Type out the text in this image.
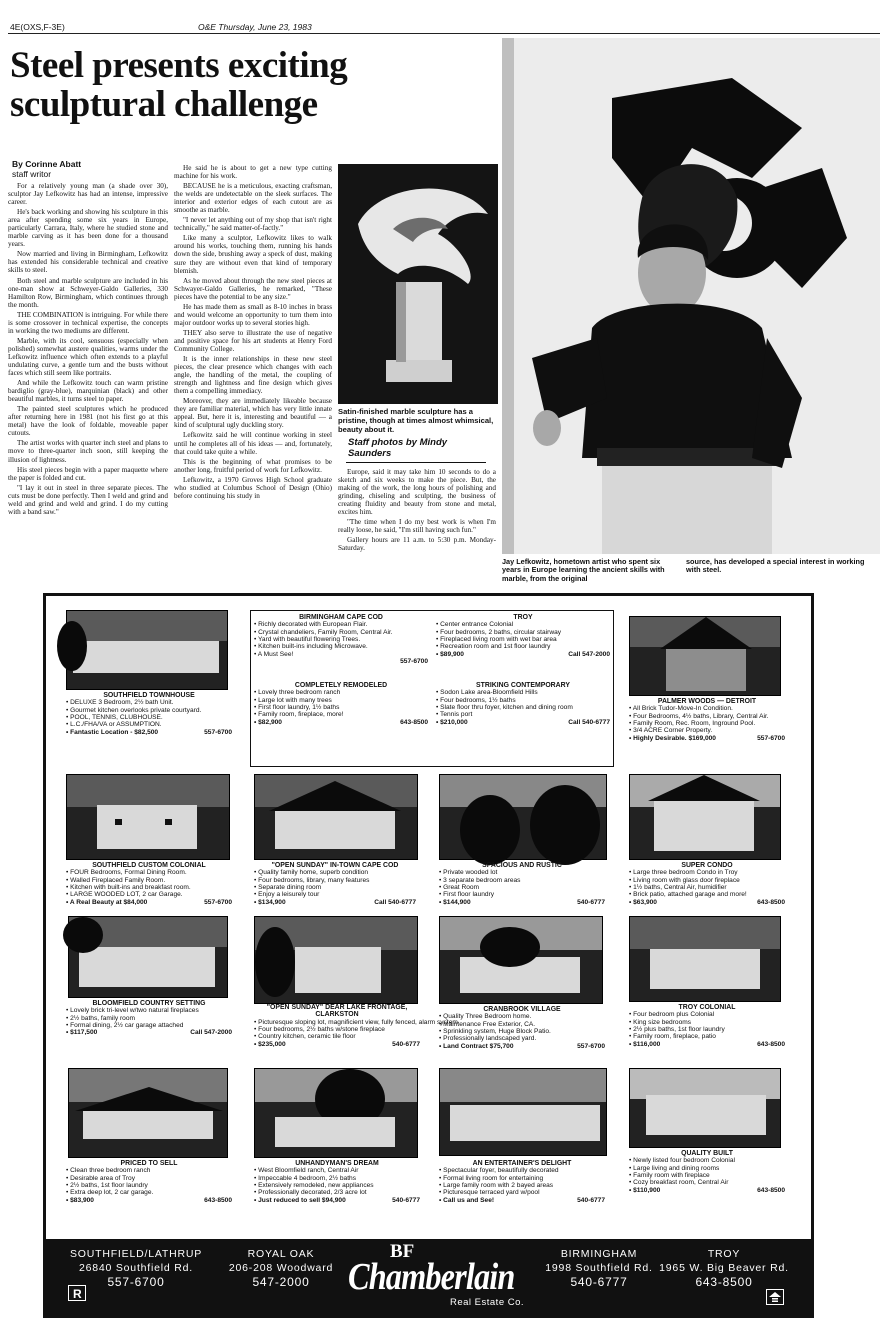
4E(OXS,F-3E)	O&E Thursday, June 23, 1983
Steel presents exciting sculptural challenge
By Corinne Abatt
staff writor

For a relatively young man (a shade over 30), sculptor Jay Lefkowitz has had an intense, impressive career.

He's back working and showing his sculpture in this area after spending some six years in Europe, particularly Carrara, Italy, where he studied stone and marble carving as it has been done for a thousand years.

Now married and living in Birmingham, Lefkowitz has extended his considerable technical and creative skills to steel.

Both steel and marble sculpture are included in his one-man show at Schweyer-Galdo Galleries, 330 Hamilton Row, Birmingham, which continues through the month.

THE COMBINATION is intriguing. For while there is some crossover in technical expertise, the concepts in working the two mediums are different.

Marble, with its cool, sensuous (especially when polished) somewhat austere qualities, warms under the Lefkowitz influence which often extends to a playful undulating curve, a gentle turn and the busts without faces which still seem like portraits.

And while the Lefkowitz touch can warm pristine bardiglio (gray-blue), marquinian (black) and other beautiful marbles, it turns steel to paper.

The painted steel sculptures which he produced after returning here in 1981 (not his first go at this metal) have the look of foldable, moveable paper cutouts.

The artist works with quarter inch steel and plans to move to three-quarter inch soon, still keeping the illusion of lightness.

His steel pieces begin with a paper maquette where the paper is folded and cut.

"I lay it out in steel in three separate pieces. The cuts must be done perfectly. Then I weld and grind and weld and grind and weld and grind. I do my cutting with a band saw."

He said he is about to get a new type cutting machine for his work.

BECAUSE he is a meticulous, exacting craftsman, the welds are undetectable on the sleek surfaces. The interior and exterior edges of each cutout are as smoothe as marble.

"I never let anything out of my shop that isn't right technically," he said matter-of-factly."

Like many a sculptor, Lefkowitz likes to walk around his works, touching them, running his hands down the side, brushing away a speck of dust, making sure they are without even that kind of temporary blemish.

As he moved about through the new steel pieces at Schwayer-Galdo Galleries, he remarked, "These pieces have the potential to be any size."

He has made them as small as 8-10 inches in brass and would welcome an opportunity to turn them into major outdoor works up to several stories high.

THEY also serve to illustrate the use of negative and positive space for his art students at Henry Ford Community College.

It is the inner relationships in these new steel pieces, the clear presence which changes with each angle, the handling of the metal, the coupling of strength and lightness and fine design which gives them a compelling immediacy.

Moreover, they are immediately likeable because they are familiar material, which has very little innate appeal. But, here it is, interesting and beautiful — a kind of sculptural ugly duckling story.

Lefkowitz said he will continue working in steel until he completes all of his ideas — and, fortunately, that could take quite a while.

This is the beginning of what promises to be another long, fruitful period of work for Lefkowitz.

Lefkowitz, a 1970 Groves High School graduate who studied at Columbus School of Design (Ohio) before continuing his study in

Satin-finished marble sculpture has a pristine, though at times almost whimsical, beauty about it.
Staff photos by Mindy Saunders

Europe, said it may take him 10 seconds to do a sketch and six weeks to make the piece. But, the making of the work, the long hours of polishing and grinding, chiseling and sculpting, the business of creating fluidity and beauty from stone and metal, excites him.

"The time when I do my best work is when I'm really loose, he said, "I'm still having such fun."

Gallery hours are 11 a.m. to 5:30 p.m. Monday-Saturday.

Jay Lefkowitz, hometown artist who spent six years in Europe learning the ancient skills with marble, from the original
source, has developed a special interest in working with steel.
BIRMINGHAM CAPE COD
• Richly decorated with European Flair.
• Crystal chandeliers, Family Room, Central Air.
• Yard with beautiful flowering Trees.
• Kitchen built-ins including Microwave.
• A Must See!
557-6700
TROY
• Center entrance Colonial
• Four bedrooms, 2 baths, circular stairway
• Fireplaced living room with wet bar area
• Recreation room and 1st floor laundry
• $89,900	Call 547-2000
SOUTHFIELD TOWNHOUSE
• DELUXE 3 Bedroom, 2½ bath Unit.
• Gourmet kitchen overlooks private courtyard.
• POOL, TENNIS, CLUBHOUSE.
• L.C./FHA/VA or ASSUMPTION.
• Fantastic Location - $82,500	557-6700
COMPLETELY REMODELED
• Lovely three bedroom ranch
• Large lot with many trees
• First floor laundry, 1½ baths
• Family room, fireplace, more!
• $82,900	643-8500
STRIKING CONTEMPORARY
• Sodon Lake area-Bloomfield Hills
• Four bedrooms, 1½ baths
• Slate floor thru foyer, kitchen and dining room
• Tennis port
• $210,000	Call 540-6777
PALMER WOODS — DETROIT
• All Brick Tudor-Move-In Condition.
• Four Bedrooms, 4½ baths, Library, Central Air.
• Family Room, Rec. Room, Inground Pool.
• 3/4 ACRE Corner Property.
• Highly Desirable. $169,000	557-6700
SOUTHFIELD CUSTOM COLONIAL
• FOUR Bedrooms, Formal Dining Room.
• Walled Fireplaced Family Room.
• Kitchen with built-ins and breakfast room.
• LARGE WOODED LOT, 2 car Garage.
• A Real Beauty at $84,000	557-6700
"OPEN SUNDAY" IN-TOWN CAPE COD
• Quality family home, superb condition
• Four bedrooms, library, many features
• Separate dining room
• Enjoy a leisurely tour
• $134,900	Call 540-6777
SPACIOUS AND RUSTIC
• Private wooded lot
• 3 separate bedroom areas
• Great Room
• First floor laundry
• $144,900	540-6777
SUPER CONDO
• Large three bedroom Condo in Troy
• Living room with glass door fireplace
• 1½ baths, Central Air, humidifier
• Brick patio, attached garage and more!
• $63,900	643-8500
BLOOMFIELD COUNTRY SETTING
• Lovely brick tri-level w/two natural fireplaces
• 2½ baths, family room
• Formal dining, 2½ car garage attached
• $117,500	Call 547-2000
"OPEN SUNDAY" DEAR LAKE FRONTAGE, CLARKSTON
• Picturesque sloping lot, magnificient view, fully fenced, alarm system
• Four bedrooms, 2½ baths w/stone fireplace
• Country kitchen, ceramic tile floor
• $235,000	540-6777
CRANBROOK VILLAGE
• Quality Three Bedroom home.
• Maintenance Free Exterior, CA.
• Sprinkling system, Huge Block Patio.
• Professionally landscaped yard.
• Land Contract $75,700	557-6700
TROY COLONIAL
• Four bedroom plus Colonial
• King size bedrooms
• 2½ plus baths, 1st floor laundry
• Family room, fireplace, patio
• $116,000	643-8500
PRICED TO SELL
• Clean three bedroom ranch
• Desirable area of Troy
• 2½ baths, 1st floor laundry
• Extra deep lot, 2 car garage.
• $83,900	643-8500
UNHANDYMAN'S DREAM
• West Bloomfield ranch, Central Air
• Impeccable 4 bedroom, 2½ baths
• Extensively remodeled, new appliances
• Professionally decorated, 2/3 acre lot
• Just reduced to sell $94,900	540-6777
AN ENTERTAINER'S DELIGHT
• Spectacular foyer, beautifully decorated
• Formal living room for entertaining
• Large family room with 2 bayed areas
• Picturesque terraced yard w/pool
• Call us and See!	540-6777
QUALITY BUILT
• Newly listed four bedroom Colonial
• Large living and dining rooms
• Family room with fireplace
• Cozy breakfast room, Central Air
• $110,900	643-8500
SOUTHFIELD/LATHRUP
26840 Southfield Rd.
557-6700
R
ROYAL OAK
206-208 Woodward
547-2000
BF
Chamberlain
Real Estate Co.
BIRMINGHAM
1998 Southfield Rd.
540-6777
TROY
1965 W. Big Beaver Rd.
643-8500
